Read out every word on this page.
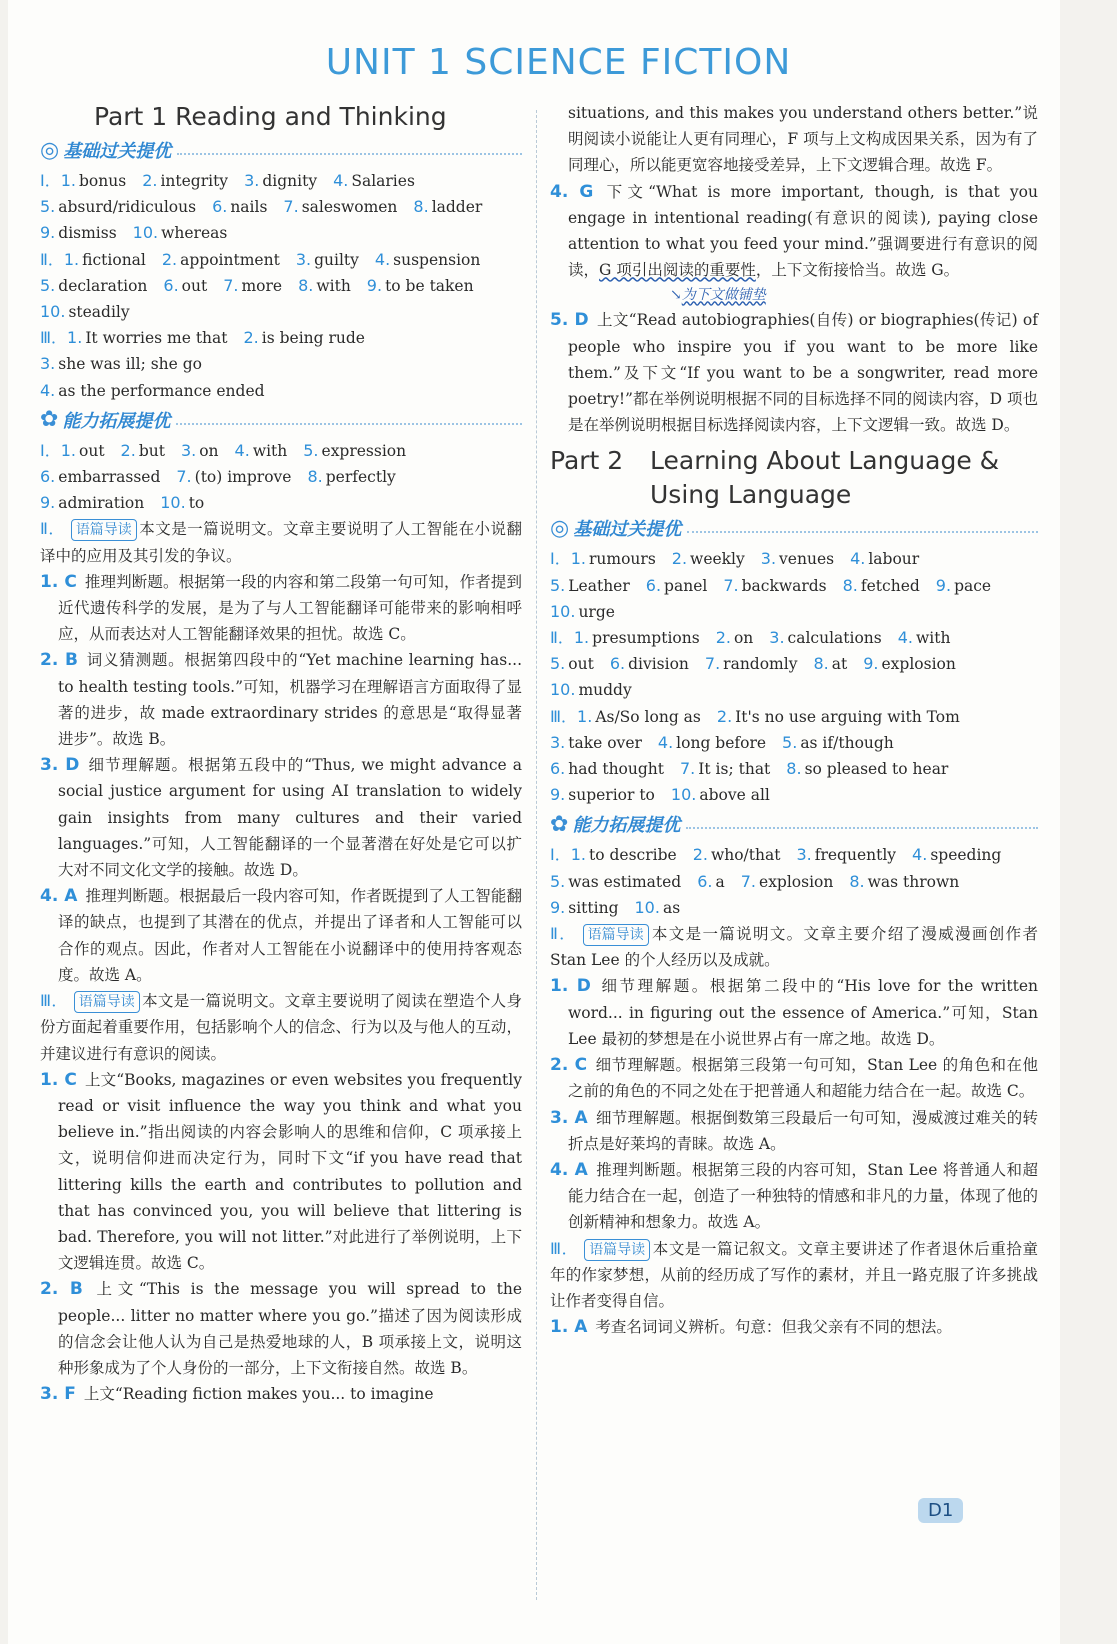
UNIT 1 SCIENCE FICTION
Part 1 Reading and Thinking
◎ 基础过关提优
Ⅰ．1. bonus 2. integrity 3. dignity 4. Salaries
5. absurd/ridiculous 6. nails 7. saleswomen 8. ladder
9. dismiss 10. whereas
Ⅱ．1. fictional 2. appointment 3. guilty 4. suspension
5. declaration 6. out 7. more 8. with 9. to be taken
10. steadily
Ⅲ．1. It worries me that 2. is being rude
3. she was ill; she go
4. as the performance ended
✿ 能力拓展提优
Ⅰ．1. out 2. but 3. on 4. with 5. expression
6. embarrassed 7. (to) improve 8. perfectly
9. admiration 10. to
Ⅱ． 语篇导读 本文是一篇说明文。文章主要说明了人工智能在小说翻译中的应用及其引发的争议。
1. C 推理判断题。根据第一段的内容和第二段第一句可知，作者提到近代遗传科学的发展，是为了与人工智能翻译可能带来的影响相呼应，从而表达对人工智能翻译效果的担忧。故选 C。
2. B 词义猜测题。根据第四段中的“Yet machine learning has... to health testing tools.”可知，机器学习在理解语言方面取得了显著的进步，故 made extraordinary strides 的意思是“取得显著进步”。故选 B。
3. D 细节理解题。根据第五段中的“Thus, we might advance a social justice argument for using AI translation to widely gain insights from many cultures and their varied languages.”可知，人工智能翻译的一个显著潜在好处是它可以扩大对不同文化文学的接触。故选 D。
4. A 推理判断题。根据最后一段内容可知，作者既提到了人工智能翻译的缺点，也提到了其潜在的优点，并提出了译者和人工智能可以合作的观点。因此，作者对人工智能在小说翻译中的使用持客观态度。故选 A。
Ⅲ． 语篇导读 本文是一篇说明文。文章主要说明了阅读在塑造个人身份方面起着重要作用，包括影响个人的信念、行为以及与他人的互动，并建议进行有意识的阅读。
1. C 上文“Books, magazines or even websites you frequently read or visit influence the way you think and what you believe in.”指出阅读的内容会影响人的思维和信仰，C 项承接上文，说明信仰进而决定行为，同时下文“if you have read that littering kills the earth and contributes to pollution and that has convinced you, you will believe that littering is bad. Therefore, you will not litter.”对此进行了举例说明，上下文逻辑连贯。故选 C。
2. B 上文“This is the message you will spread to the people... litter no matter where you go.”描述了因为阅读形成的信念会让他人认为自己是热爱地球的人，B 项承接上文，说明这种形象成为了个人身份的一部分，上下文衔接自然。故选 B。
3. F 上文“Reading fiction makes you... to imagine
situations, and this makes you understand others better.”说明阅读小说能让人更有同理心，F 项与上文构成因果关系，因为有了同理心，所以能更宽容地接受差异，上下文逻辑合理。故选 F。
4. G 下文“What is more important, though, is that you engage in intentional reading(有意识的阅读), paying close attention to what you feed your mind.”强调要进行有意识的阅读，G 项引出阅读的重要性，上下文衔接恰当。故选 G。
↘为下文做铺垫
5. D 上文“Read autobiographies(自传) or biographies(传记) of people who inspire you if you want to be more like them.”及下文“If you want to be a songwriter, read more poetry!”都在举例说明根据不同的目标选择不同的阅读内容，D 项也是在举例说明根据目标选择阅读内容，上下文逻辑一致。故选 D。
Part 2	Learning About Language &
Using Language
◎ 基础过关提优
Ⅰ．1. rumours 2. weekly 3. venues 4. labour
5. Leather 6. panel 7. backwards 8. fetched 9. pace
10. urge
Ⅱ．1. presumptions 2. on 3. calculations 4. with
5. out 6. division 7. randomly 8. at 9. explosion
10. muddy
Ⅲ．1. As/So long as 2. It's no use arguing with Tom
3. take over 4. long before 5. as if/though
6. had thought 7. It is; that 8. so pleased to hear
9. superior to 10. above all
✿ 能力拓展提优
Ⅰ．1. to describe 2. who/that 3. frequently 4. speeding
5. was estimated 6. a 7. explosion 8. was thrown
9. sitting 10. as
Ⅱ． 语篇导读 本文是一篇说明文。文章主要介绍了漫威漫画创作者 Stan Lee 的个人经历以及成就。
1. D 细节理解题。根据第二段中的“His love for the written word... in figuring out the essence of America.”可知，Stan Lee 最初的梦想是在小说世界占有一席之地。故选 D。
2. C 细节理解题。根据第三段第一句可知，Stan Lee 的角色和在他之前的角色的不同之处在于把普通人和超能力结合在一起。故选 C。
3. A 细节理解题。根据倒数第三段最后一句可知，漫威渡过难关的转折点是好莱坞的青睐。故选 A。
4. A 推理判断题。根据第三段的内容可知，Stan Lee 将普通人和超能力结合在一起，创造了一种独特的情感和非凡的力量，体现了他的创新精神和想象力。故选 A。
Ⅲ． 语篇导读 本文是一篇记叙文。文章主要讲述了作者退休后重拾童年的作家梦想，从前的经历成了写作的素材，并且一路克服了许多挑战让作者变得自信。
1. A 考查名词词义辨析。句意：但我父亲有不同的想法。
D1
